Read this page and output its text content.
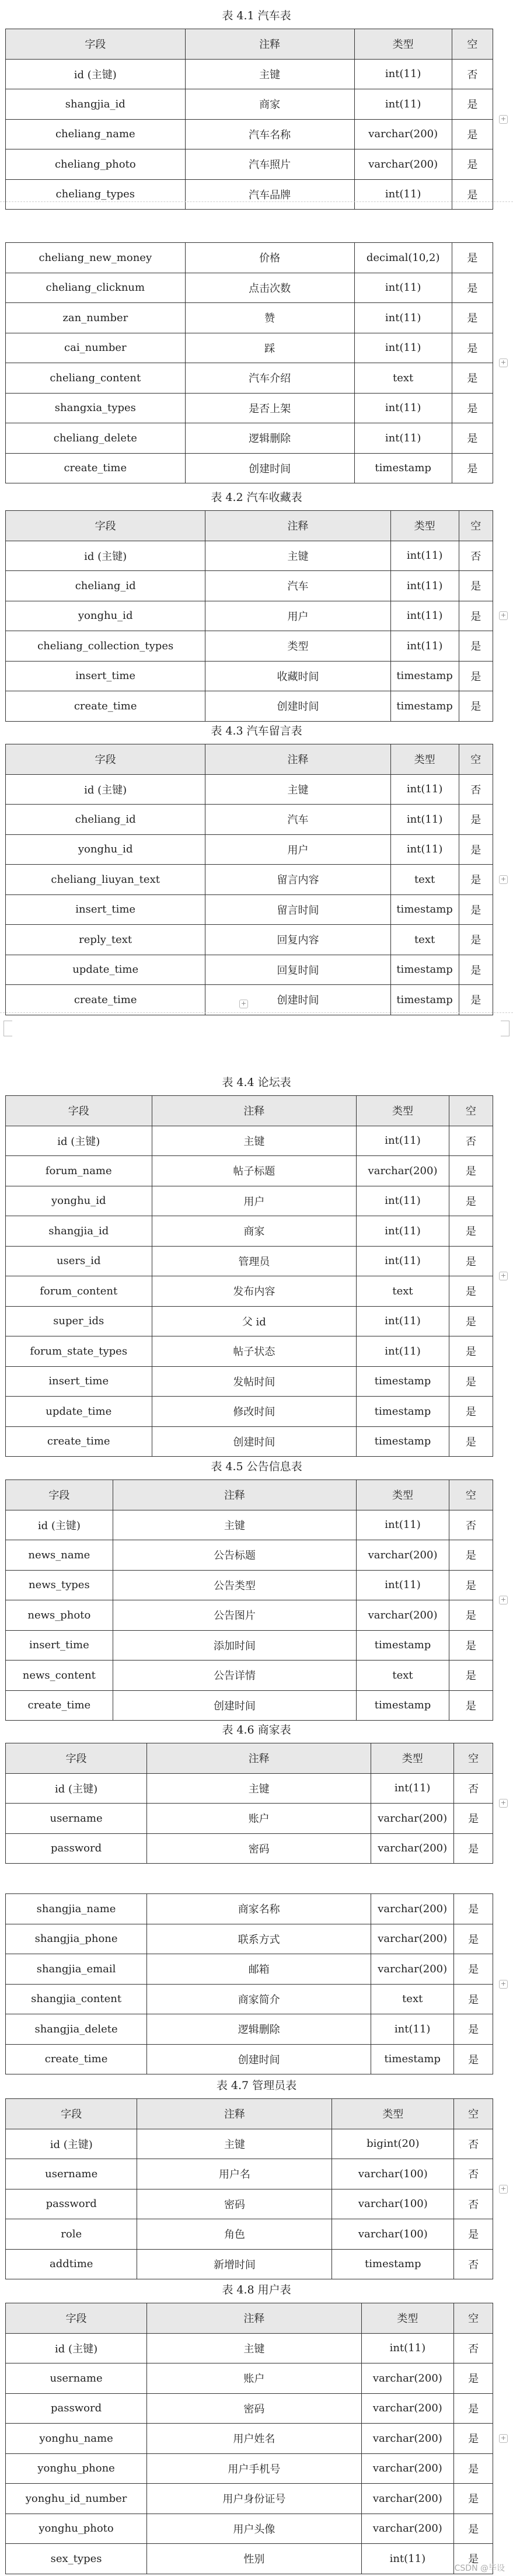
表 4.1 汽车表
字段	注释	类型	空
id (主键)	主键	int(11)	否
shangjia_id	商家	int(11)	是
cheliang_name	汽车名称	varchar(200)	是
cheliang_photo	汽车照片	varchar(200)	是
cheliang_types	汽车品牌	int(11)	是
+
cheliang_new_money	价格	decimal(10,2)	是
cheliang_clicknum	点击次数	int(11)	是
zan_number	赞	int(11)	是
cai_number	踩	int(11)	是
cheliang_content	汽车介绍	text	是
shangxia_types	是否上架	int(11)	是
cheliang_delete	逻辑删除	int(11)	是
create_time	创建时间	timestamp	是
+
表 4.2 汽车收藏表
字段	注释	类型	空
id (主键)	主键	int(11)	否
cheliang_id	汽车	int(11)	是
yonghu_id	用户	int(11)	是
cheliang_collection_types	类型	int(11)	是
insert_time	收藏时间	timestamp	是
create_time	创建时间	timestamp	是
+
表 4.3 汽车留言表
字段	注释	类型	空
id (主键)	主键	int(11)	否
cheliang_id	汽车	int(11)	是
yonghu_id	用户	int(11)	是
cheliang_liuyan_text	留言内容	text	是
insert_time	留言时间	timestamp	是
reply_text	回复内容	text	是
update_time	回复时间	timestamp	是
create_time	创建时间	timestamp	是
+
表 4.4 论坛表
字段	注释	类型	空
id (主键)	主键	int(11)	否
forum_name	帖子标题	varchar(200)	是
yonghu_id	用户	int(11)	是
shangjia_id	商家	int(11)	是
users_id	管理员	int(11)	是
forum_content	发布内容	text	是
super_ids	父 id	int(11)	是
forum_state_types	帖子状态	int(11)	是
insert_time	发帖时间	timestamp	是
update_time	修改时间	timestamp	是
create_time	创建时间	timestamp	是
+
表 4.5 公告信息表
字段	注释	类型	空
id (主键)	主键	int(11)	否
news_name	公告标题	varchar(200)	是
news_types	公告类型	int(11)	是
news_photo	公告图片	varchar(200)	是
insert_time	添加时间	timestamp	是
news_content	公告详情	text	是
create_time	创建时间	timestamp	是
+
表 4.6 商家表
字段	注释	类型	空
id (主键)	主键	int(11)	否
username	账户	varchar(200)	是
password	密码	varchar(200)	是
+
shangjia_name	商家名称	varchar(200)	是
shangjia_phone	联系方式	varchar(200)	是
shangjia_email	邮箱	varchar(200)	是
shangjia_content	商家简介	text	是
shangjia_delete	逻辑删除	int(11)	是
create_time	创建时间	timestamp	是
+
表 4.7 管理员表
字段	注释	类型	空
id (主键)	主键	bigint(20)	否
username	用户名	varchar(100)	否
password	密码	varchar(100)	否
role	角色	varchar(100)	是
addtime	新增时间	timestamp	否
+
表 4.8 用户表
字段	注释	类型	空
id (主键)	主键	int(11)	否
username	账户	varchar(200)	是
password	密码	varchar(200)	是
yonghu_name	用户姓名	varchar(200)	是
yonghu_phone	用户手机号	varchar(200)	是
yonghu_id_number	用户身份证号	varchar(200)	是
yonghu_photo	用户头像	varchar(200)	是
sex_types	性别	int(11)	是
+
+
CSDN @毕设
